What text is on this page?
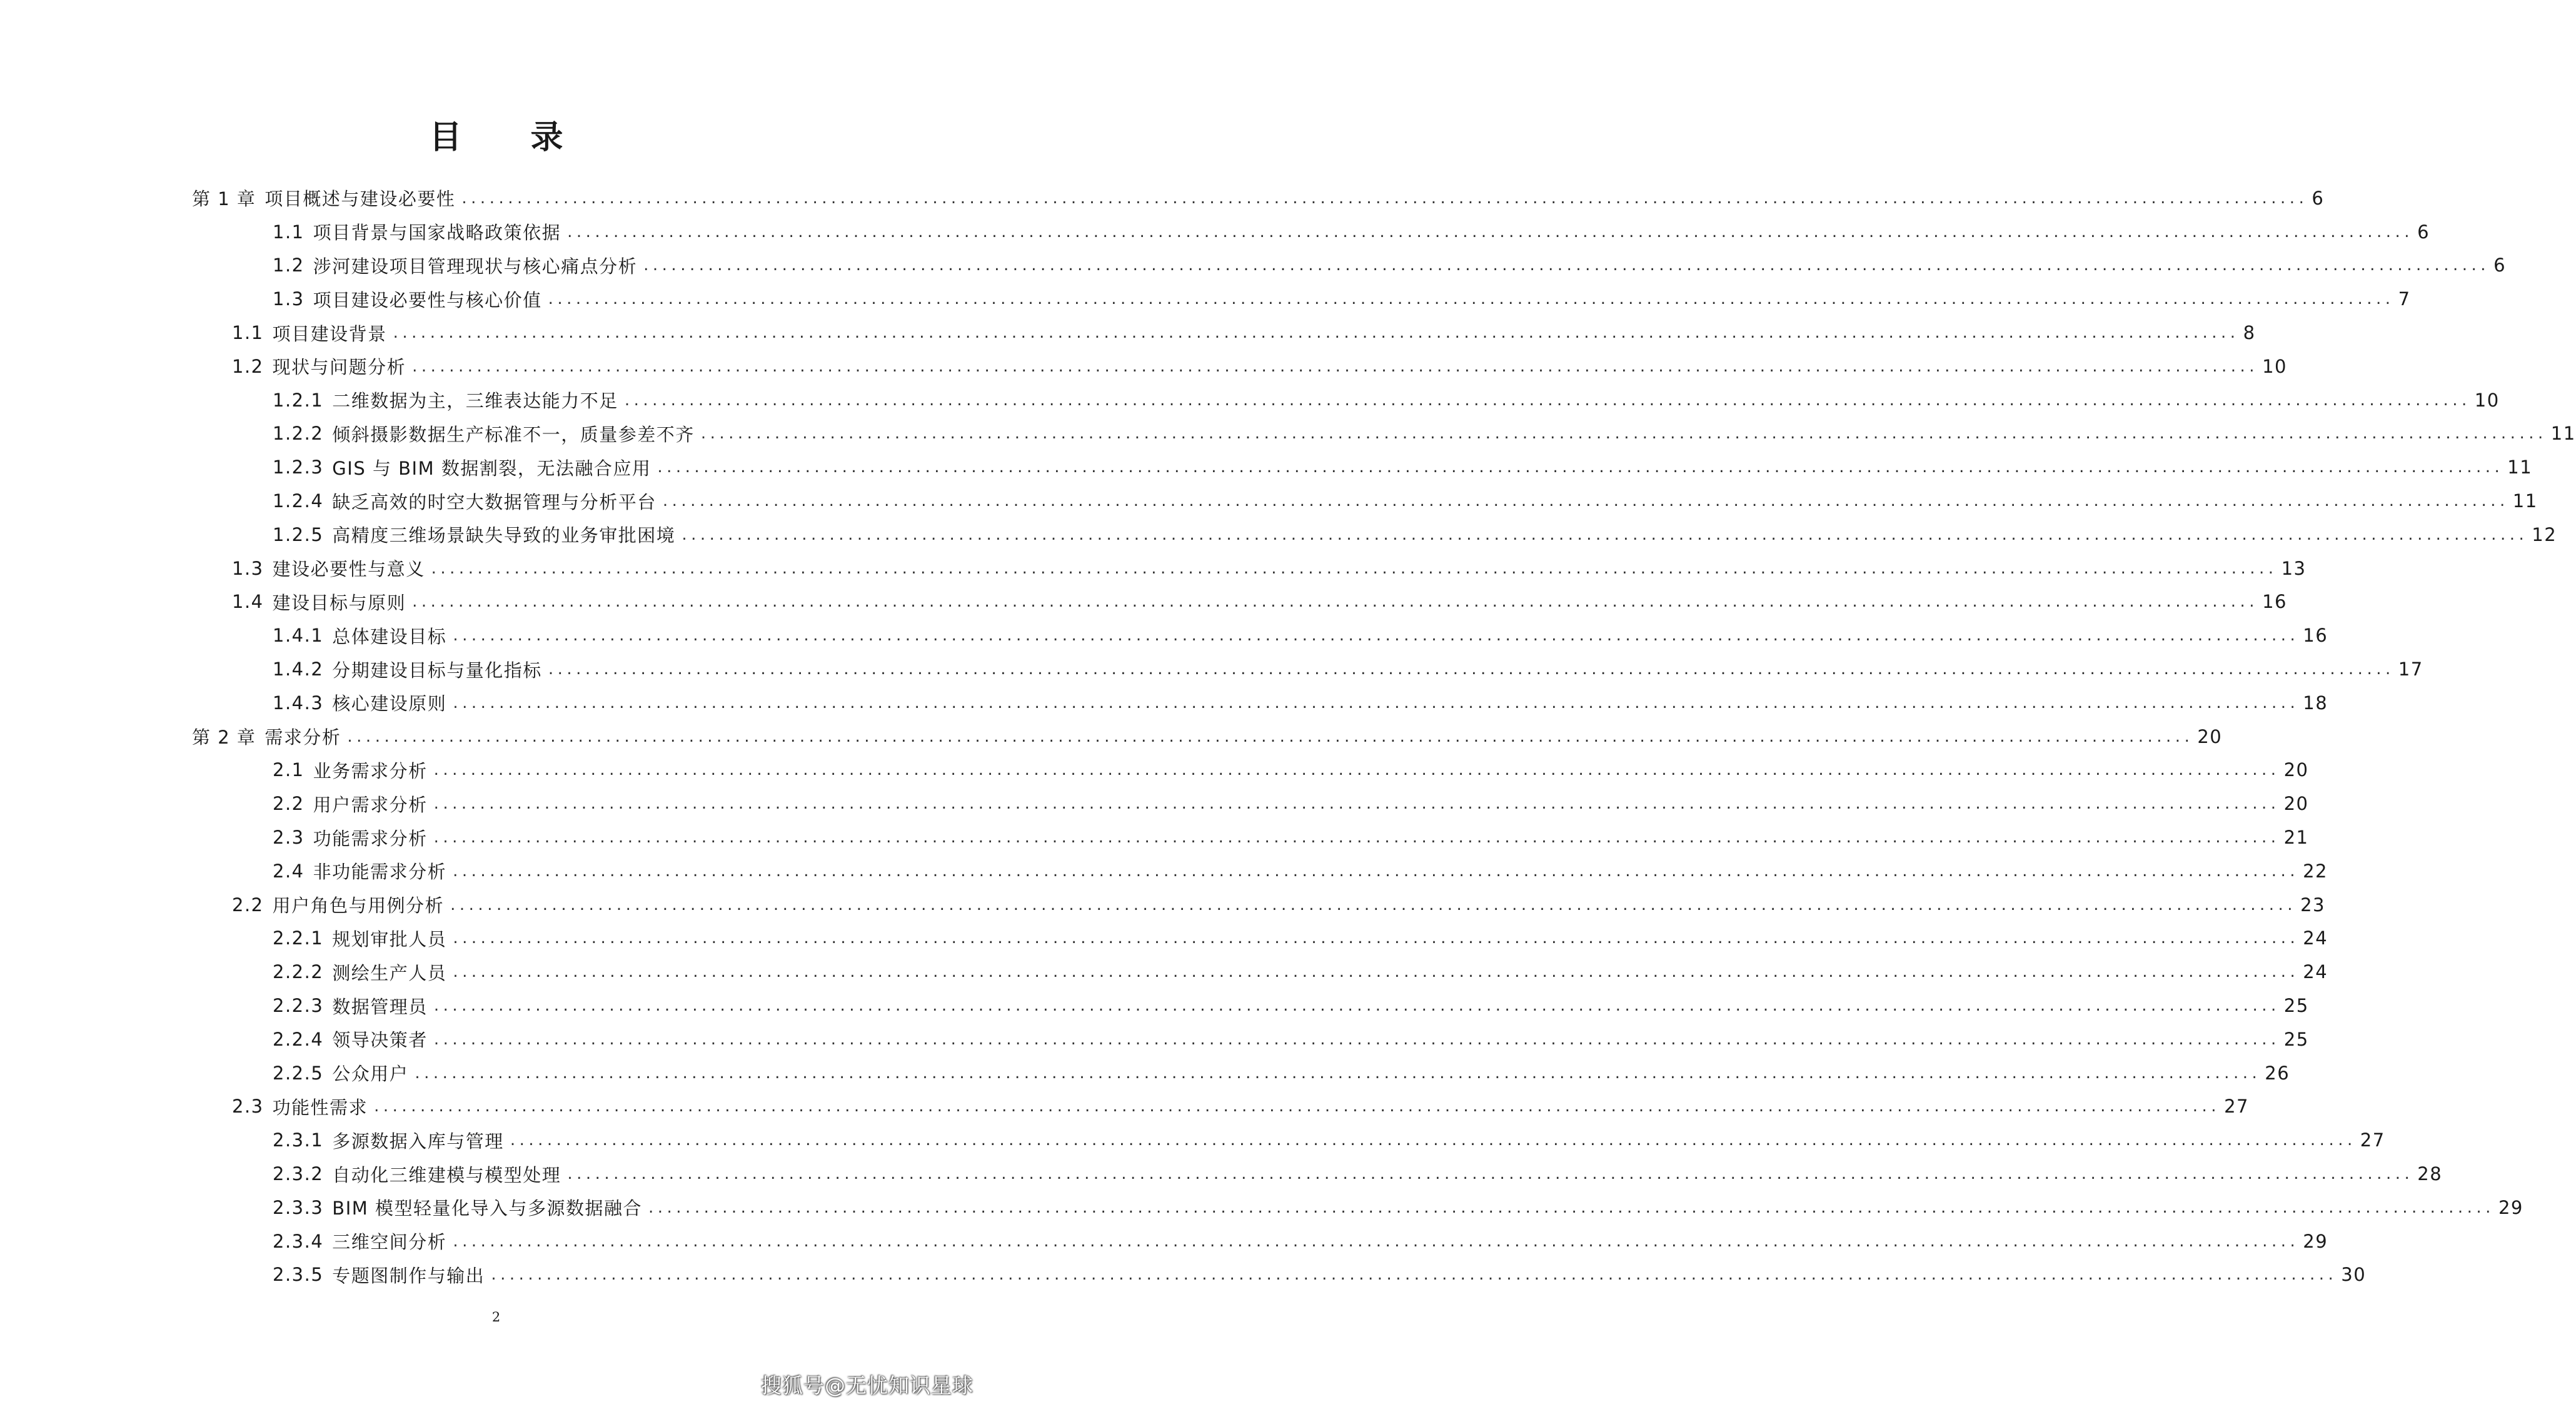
目 录
第 1 章 项目概述与建设必要性 ........................................................................................................................................................................................................ 6
1.1 项目背景与国家战略政策依据 ........................................................................................................................................................................................................ 6
1.2 涉河建设项目管理现状与核心痛点分析 ........................................................................................................................................................................................................ 6
1.3 项目建设必要性与核心价值 ........................................................................................................................................................................................................ 7
1.1 项目建设背景 ........................................................................................................................................................................................................ 8
1.2 现状与问题分析 ........................................................................................................................................................................................................ 10
1.2.1 二维数据为主，三维表达能力不足 ........................................................................................................................................................................................................ 10
1.2.2 倾斜摄影数据生产标准不一，质量参差不齐 ........................................................................................................................................................................................................ 11
1.2.3 GIS 与 BIM 数据割裂，无法融合应用 ........................................................................................................................................................................................................ 11
1.2.4 缺乏高效的时空大数据管理与分析平台 ........................................................................................................................................................................................................ 11
1.2.5 高精度三维场景缺失导致的业务审批困境 ........................................................................................................................................................................................................ 12
1.3 建设必要性与意义 ........................................................................................................................................................................................................ 13
1.4 建设目标与原则 ........................................................................................................................................................................................................ 16
1.4.1 总体建设目标 ........................................................................................................................................................................................................ 16
1.4.2 分期建设目标与量化指标 ........................................................................................................................................................................................................ 17
1.4.3 核心建设原则 ........................................................................................................................................................................................................ 18
第 2 章 需求分析 ........................................................................................................................................................................................................ 20
2.1 业务需求分析 ........................................................................................................................................................................................................ 20
2.2 用户需求分析 ........................................................................................................................................................................................................ 20
2.3 功能需求分析 ........................................................................................................................................................................................................ 21
2.4 非功能需求分析 ........................................................................................................................................................................................................ 22
2.2 用户角色与用例分析 ........................................................................................................................................................................................................ 23
2.2.1 规划审批人员 ........................................................................................................................................................................................................ 24
2.2.2 测绘生产人员 ........................................................................................................................................................................................................ 24
2.2.3 数据管理员 ........................................................................................................................................................................................................ 25
2.2.4 领导决策者 ........................................................................................................................................................................................................ 25
2.2.5 公众用户 ........................................................................................................................................................................................................ 26
2.3 功能性需求 ........................................................................................................................................................................................................ 27
2.3.1 多源数据入库与管理 ........................................................................................................................................................................................................ 27
2.3.2 自动化三维建模与模型处理 ........................................................................................................................................................................................................ 28
2.3.3 BIM 模型轻量化导入与多源数据融合 ........................................................................................................................................................................................................ 29
2.3.4 三维空间分析 ........................................................................................................................................................................................................ 29
2.3.5 专题图制作与输出 ........................................................................................................................................................................................................ 30
2
搜狐号@无忧知识星球
